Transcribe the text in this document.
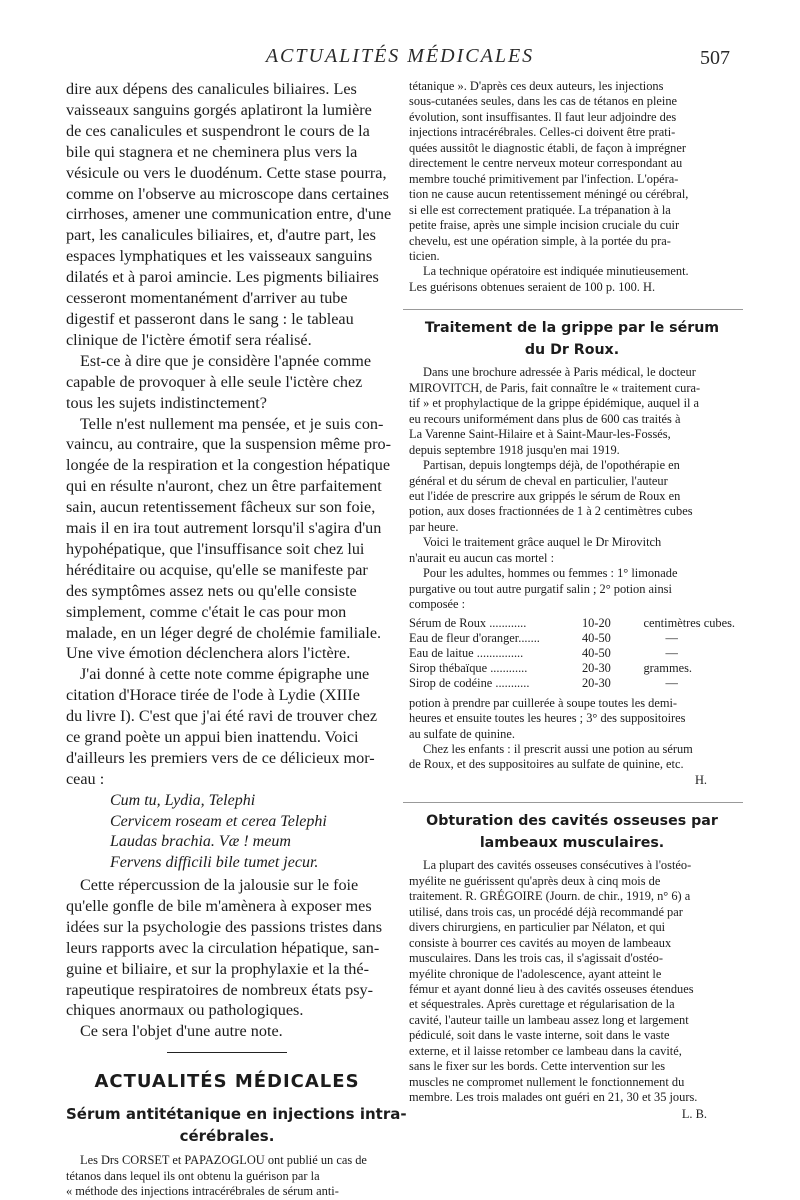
ACTUALITÉS MÉDICALES	507
dire aux dépens des canalicules biliaires. Les
vaisseaux sanguins gorgés aplatiront la lumière
de ces canalicules et suspendront le cours de la
bile qui stagnera et ne cheminera plus vers la
vésicule ou vers le duodénum. Cette stase pourra,
comme on l'observe au microscope dans certaines
cirrhoses, amener une communication entre, d'une
part, les canalicules biliaires, et, d'autre part, les
espaces lymphatiques et les vaisseaux sanguins
dilatés et à paroi amincie. Les pigments biliaires
cesseront momentanément d'arriver au tube
digestif et passeront dans le sang : le tableau
clinique de l'ictère émotif sera réalisé.
Est-ce à dire que je considère l'apnée comme
capable de provoquer à elle seule l'ictère chez
tous les sujets indistinctement?
Telle n'est nullement ma pensée, et je suis con-
vaincu, au contraire, que la suspension même pro-
longée de la respiration et la congestion hépatique
qui en résulte n'auront, chez un être parfaitement
sain, aucun retentissement fâcheux sur son foie,
mais il en ira tout autrement lorsqu'il s'agira d'un
hypohépatique, que l'insuffisance soit chez lui
héréditaire ou acquise, qu'elle se manifeste par
des symptômes assez nets ou qu'elle consiste
simplement, comme c'était le cas pour mon
malade, en un léger degré de cholémie familiale.
Une vive émotion déclenchera alors l'ictère.
J'ai donné à cette note comme épigraphe une
citation d'Horace tirée de l'ode à Lydie (XIIIe
du livre I). C'est que j'ai été ravi de trouver chez
ce grand poète un appui bien inattendu. Voici
d'ailleurs les premiers vers de ce délicieux mor-
ceau :
Cum tu, Lydia, Telephi
Cervicem roseam et cerea Telephi
Laudas brachia. Væ ! meum
Fervens difficili bile tumet jecur.
Cette répercussion de la jalousie sur le foie
qu'elle gonfle de bile m'amènera à exposer mes
idées sur la psychologie des passions tristes dans
leurs rapports avec la circulation hépatique, san-
guine et biliaire, et sur la prophylaxie et la thé-
rapeutique respiratoires de nombreux états psy-
chiques anormaux ou pathologiques.
Ce sera l'objet d'une autre note.
ACTUALITÉS MÉDICALES
Sérum antitétanique en injections intra-
cérébrales.
Les Drs CORSET et PAPAZOGLOU ont publié un cas de
tétanos dans lequel ils ont obtenu la guérison par la
« méthode des injections intracérébrales de sérum anti-
tétanique ». D'après ces deux auteurs, les injections
sous-cutanées seules, dans les cas de tétanos en pleine
évolution, sont insuffisantes. Il faut leur adjoindre des
injections intracérébrales. Celles-ci doivent être prati-
quées aussitôt le diagnostic établi, de façon à imprégner
directement le centre nerveux moteur correspondant au
membre touché primitivement par l'infection. L'opéra-
tion ne cause aucun retentissement méningé ou cérébral,
si elle est correctement pratiquée. La trépanation à la
petite fraise, après une simple incision cruciale du cuir
chevelu, est une opération simple, à la portée du pra-
ticien.
La technique opératoire est indiquée minutieusement.
Les guérisons obtenues seraient de 100 p. 100. H.
Traitement de la grippe par le sérum
du Dr Roux.
Dans une brochure adressée à Paris médical, le docteur
MIROVITCH, de Paris, fait connaître le « traitement cura-
tif » et prophylactique de la grippe épidémique, auquel il a
eu recours uniformément dans plus de 600 cas traités à
La Varenne Saint-Hilaire et à Saint-Maur-les-Fossés,
depuis septembre 1918 jusqu'en mai 1919.
Partisan, depuis longtemps déjà, de l'opothérapie en
général et du sérum de cheval en particulier, l'auteur
eut l'idée de prescrire aux grippés le sérum de Roux en
potion, aux doses fractionnées de 1 à 2 centimètres cubes
par heure.
Voici le traitement grâce auquel le Dr Mirovitch
n'aurait eu aucun cas mortel :
Pour les adultes, hommes ou femmes : 1° limonade
purgative ou tout autre purgatif salin ; 2° potion ainsi
composée :
Sérum de Roux ............	10-20	centimètres cubes.
Eau de fleur d'oranger.......	40-50	—
Eau de laitue ...............	40-50	—
Sirop thébaïque ............	20-30	grammes.
Sirop de codéine ...........	20-30	—
potion à prendre par cuillerée à soupe toutes les demi-
heures et ensuite toutes les heures ; 3° des suppositoires
au sulfate de quinine.
Chez les enfants : il prescrit aussi une potion au sérum
de Roux, et des suppositoires au sulfate de quinine, etc.
H.
Obturation des cavités osseuses par
lambeaux musculaires.
La plupart des cavités osseuses consécutives à l'ostéo-
myélite ne guérissent qu'après deux à cinq mois de
traitement. R. GRÉGOIRE (Journ. de chir., 1919, n° 6) a
utilisé, dans trois cas, un procédé déjà recommandé par
divers chirurgiens, en particulier par Nélaton, et qui
consiste à bourrer ces cavités au moyen de lambeaux
musculaires. Dans les trois cas, il s'agissait d'ostéo-
myélite chronique de l'adolescence, ayant atteint le
fémur et ayant donné lieu à des cavités osseuses étendues
et séquestrales. Après curettage et régularisation de la
cavité, l'auteur taille un lambeau assez long et largement
pédiculé, soit dans le vaste interne, soit dans le vaste
externe, et il laisse retomber ce lambeau dans la cavité,
sans le fixer sur les bords. Cette intervention sur les
muscles ne compromet nullement le fonctionnement du
membre. Les trois malades ont guéri en 21, 30 et 35 jours.
L. B.
